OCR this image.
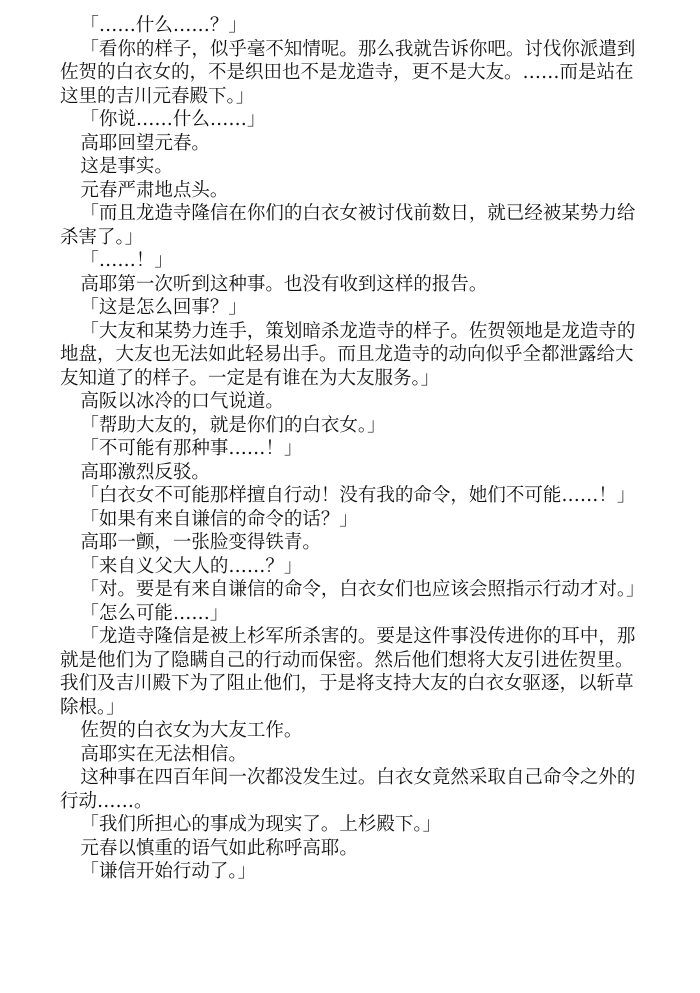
「……什么……？」

「看你的样子，似乎毫不知情呢。那么我就告诉你吧。讨伐你派遣到佐贺的白衣女的，不是织田也不是龙造寺，更不是大友。……而是站在这里的吉川元春殿下。」

「你说……什么……」

高耶回望元春。

这是事实。

元春严肃地点头。

「而且龙造寺隆信在你们的白衣女被讨伐前数日，就已经被某势力给杀害了。」

「……！」

高耶第一次听到这种事。也没有收到这样的报告。

「这是怎么回事？」

「大友和某势力连手，策划暗杀龙造寺的样子。佐贺领地是龙造寺的地盘，大友也无法如此轻易出手。而且龙造寺的动向似乎全都泄露给大友知道了的样子。一定是有谁在为大友服务。」

高阪以冰冷的口气说道。

「帮助大友的，就是你们的白衣女。」

「不可能有那种事……！」

高耶激烈反驳。

「白衣女不可能那样擅自行动！没有我的命令，她们不可能……！」

「如果有来自谦信的命令的话？」

高耶一颤，一张脸变得铁青。

「来自义父大人的……？」

「对。要是有来自谦信的命令，白衣女们也应该会照指示行动才对。」

「怎么可能……」

「龙造寺隆信是被上杉军所杀害的。要是这件事没传进你的耳中，那就是他们为了隐瞒自己的行动而保密。然后他们想将大友引进佐贺里。我们及吉川殿下为了阻止他们，于是将支持大友的白衣女驱逐，以斩草除根。」

佐贺的白衣女为大友工作。

高耶实在无法相信。

这种事在四百年间一次都没发生过。白衣女竟然采取自己命令之外的行动……。

「我们所担心的事成为现实了。上杉殿下。」

元春以慎重的语气如此称呼高耶。

「谦信开始行动了。」
